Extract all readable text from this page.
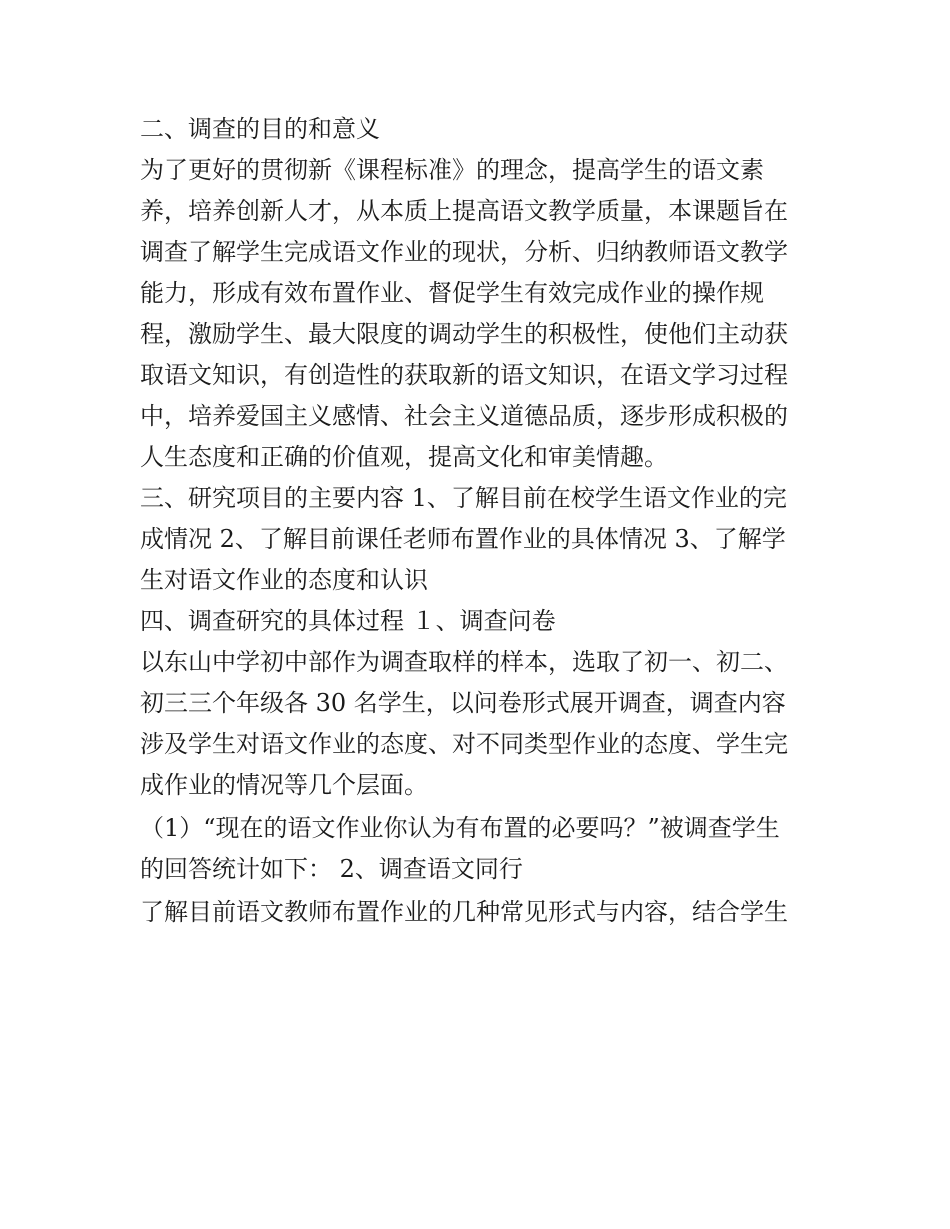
二、调查的目的和意义
为了更好的贯彻新《课程标准》的理念，提高学生的语文素
养，培养创新人才，从本质上提高语文教学质量，本课题旨在
调查了解学生完成语文作业的现状，分析、归纳教师语文教学
能力，形成有效布置作业、督促学生有效完成作业的操作规
程，激励学生、最大限度的调动学生的积极性，使他们主动获
取语文知识，有创造性的获取新的语文知识，在语文学习过程
中，培养爱国主义感情、社会主义道德品质，逐步形成积极的
人生态度和正确的价值观，提高文化和审美情趣。
三、研究项目的主要内容 1、了解目前在校学生语文作业的完
成情况 2、了解目前课任老师布置作业的具体情况 3、了解学
生对语文作业的态度和认识
四、调查研究的具体过程 １、调查问卷
以东山中学初中部作为调查取样的样本，选取了初一、初二、
初三三个年级各 30 名学生，以问卷形式展开调查，调查内容
涉及学生对语文作业的态度、对不同类型作业的态度、学生完
成作业的情况等几个层面。
（1）“现在的语文作业你认为有布置的必要吗？”被调查学生
的回答统计如下： 2、调查语文同行
了解目前语文教师布置作业的几种常见形式与内容，结合学生
